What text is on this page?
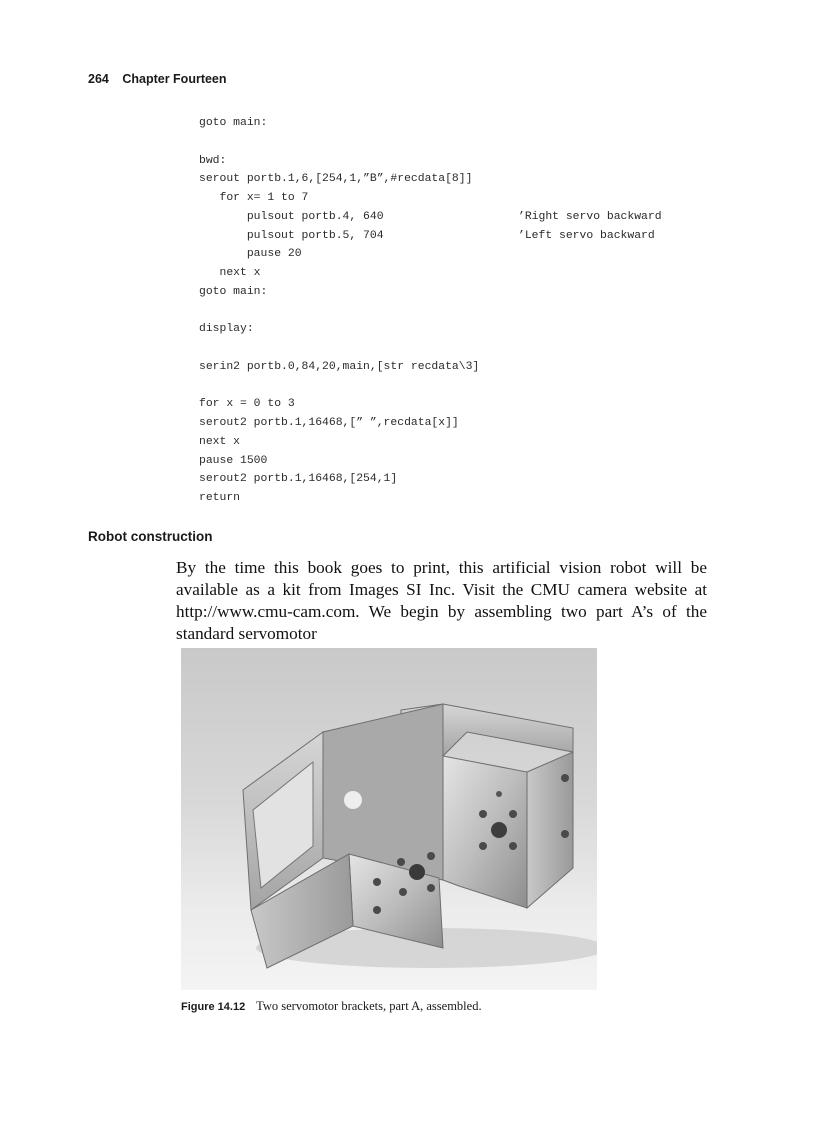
264 Chapter Fourteen
goto main:
bwd:
serout portb.1,6,[254,1,”B”,#recdata[8]]
for x= 1 to 7
pulsout portb.4, 640	’Right servo backward
pulsout portb.5, 704	’Left servo backward
pause 20
next x
goto main:
display:
serin2 portb.0,84,20,main,[str recdata\3]
for x = 0 to 3
serout2 portb.1,16468,[” ”,recdata[x]]
next x
pause 1500
serout2 portb.1,16468,[254,1]
return
Robot construction

By the time this book goes to print, this artificial vision robot will be available as a kit from Images SI Inc. Visit the CMU camera website at http://www.cmu-cam.com. We begin by assembling two part A’s of the standard servomotor

Figure 14.12 Two servomotor brackets, part A, assembled.
